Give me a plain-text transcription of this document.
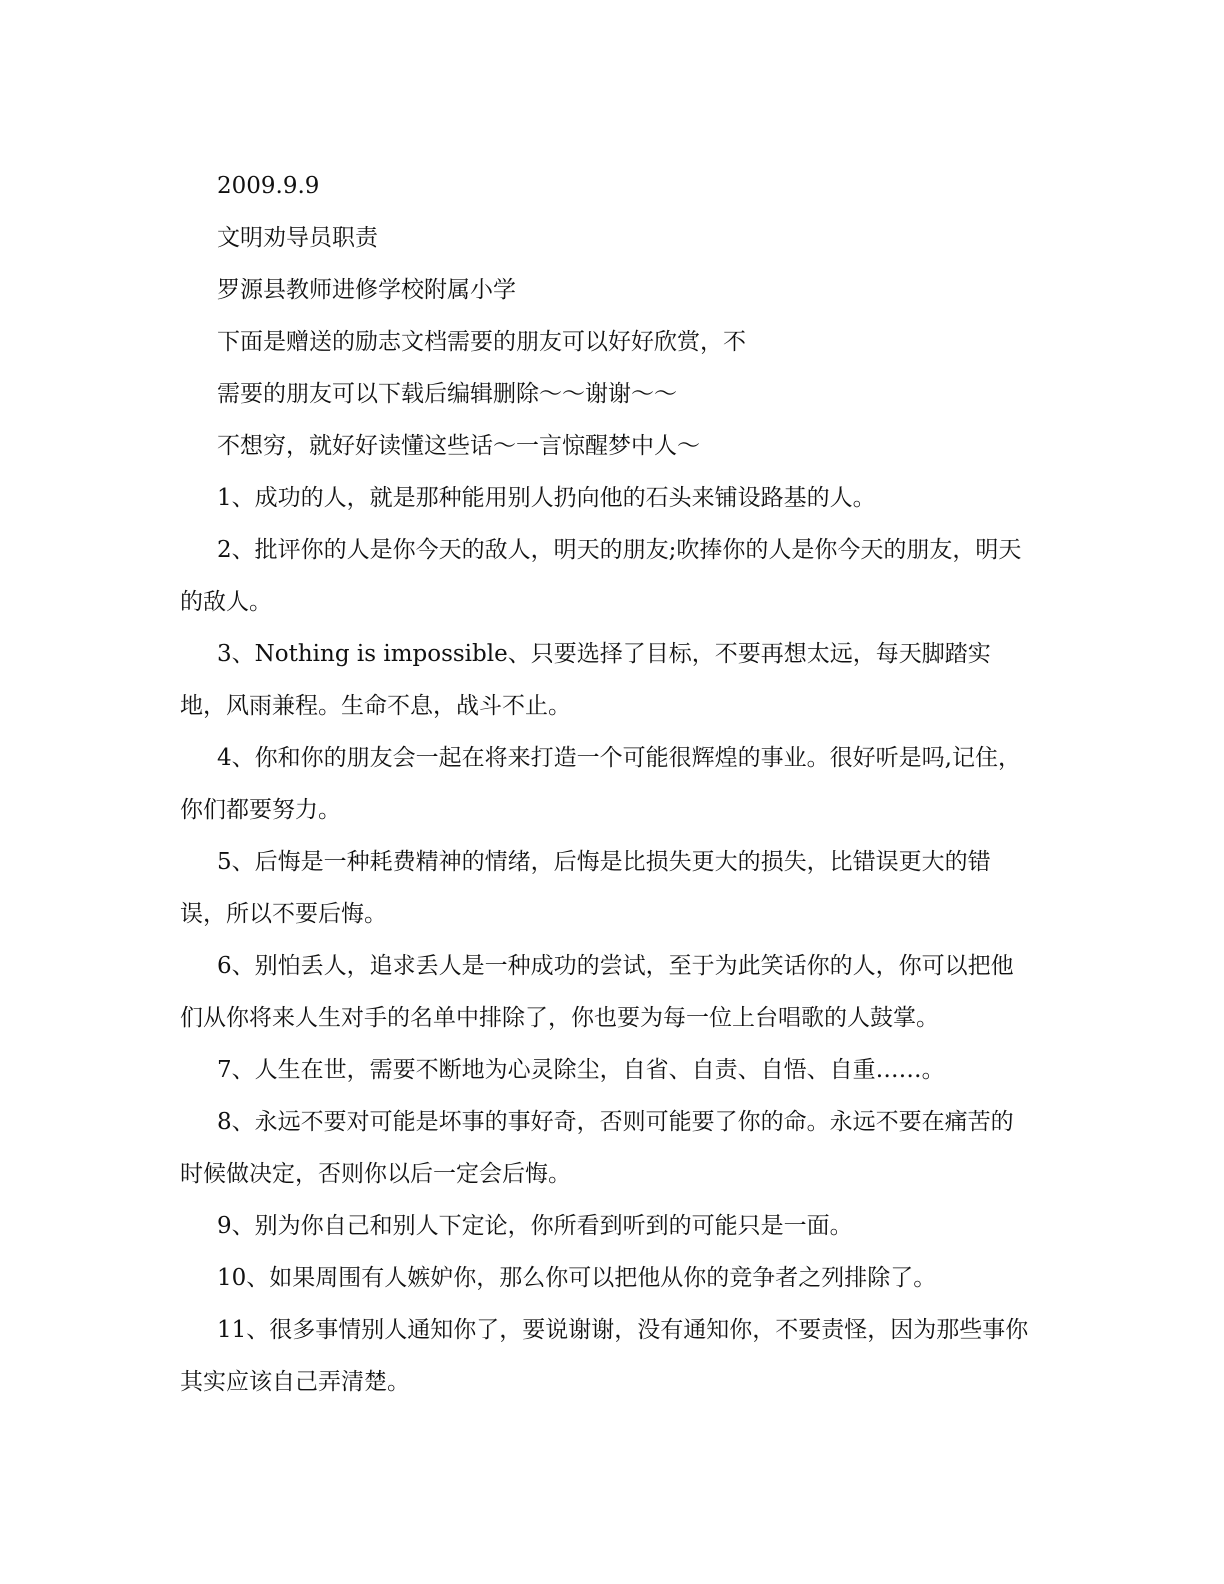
2009.9.9

文明劝导员职责

罗源县教师进修学校附属小学

下面是赠送的励志文档需要的朋友可以好好欣赏，不

需要的朋友可以下载后编辑删除～～谢谢～～

不想穷，就好好读懂这些话～一言惊醒梦中人～

1、成功的人，就是那种能用别人扔向他的石头来铺设路基的人。

2、批评你的人是你今天的敌人，明天的朋友;吹捧你的人是你今天的朋友，明天的敌人。

3、Nothing is impossible、只要选择了目标，不要再想太远，每天脚踏实地，风雨兼程。生命不息，战斗不止。

4、你和你的朋友会一起在将来打造一个可能很辉煌的事业。很好听是吗,记住，你们都要努力。

5、后悔是一种耗费精神的情绪，后悔是比损失更大的损失，比错误更大的错误，所以不要后悔。

6、别怕丢人，追求丢人是一种成功的尝试，至于为此笑话你的人，你可以把他们从你将来人生对手的名单中排除了，你也要为每一位上台唱歌的人鼓掌。

7、人生在世，需要不断地为心灵除尘，自省、自责、自悟、自重……。

8、永远不要对可能是坏事的事好奇，否则可能要了你的命。永远不要在痛苦的时候做决定，否则你以后一定会后悔。

9、别为你自己和别人下定论，你所看到听到的可能只是一面。

10、如果周围有人嫉妒你，那么你可以把他从你的竞争者之列排除了。

11、很多事情别人通知你了，要说谢谢，没有通知你，不要责怪，因为那些事你其实应该自己弄清楚。
